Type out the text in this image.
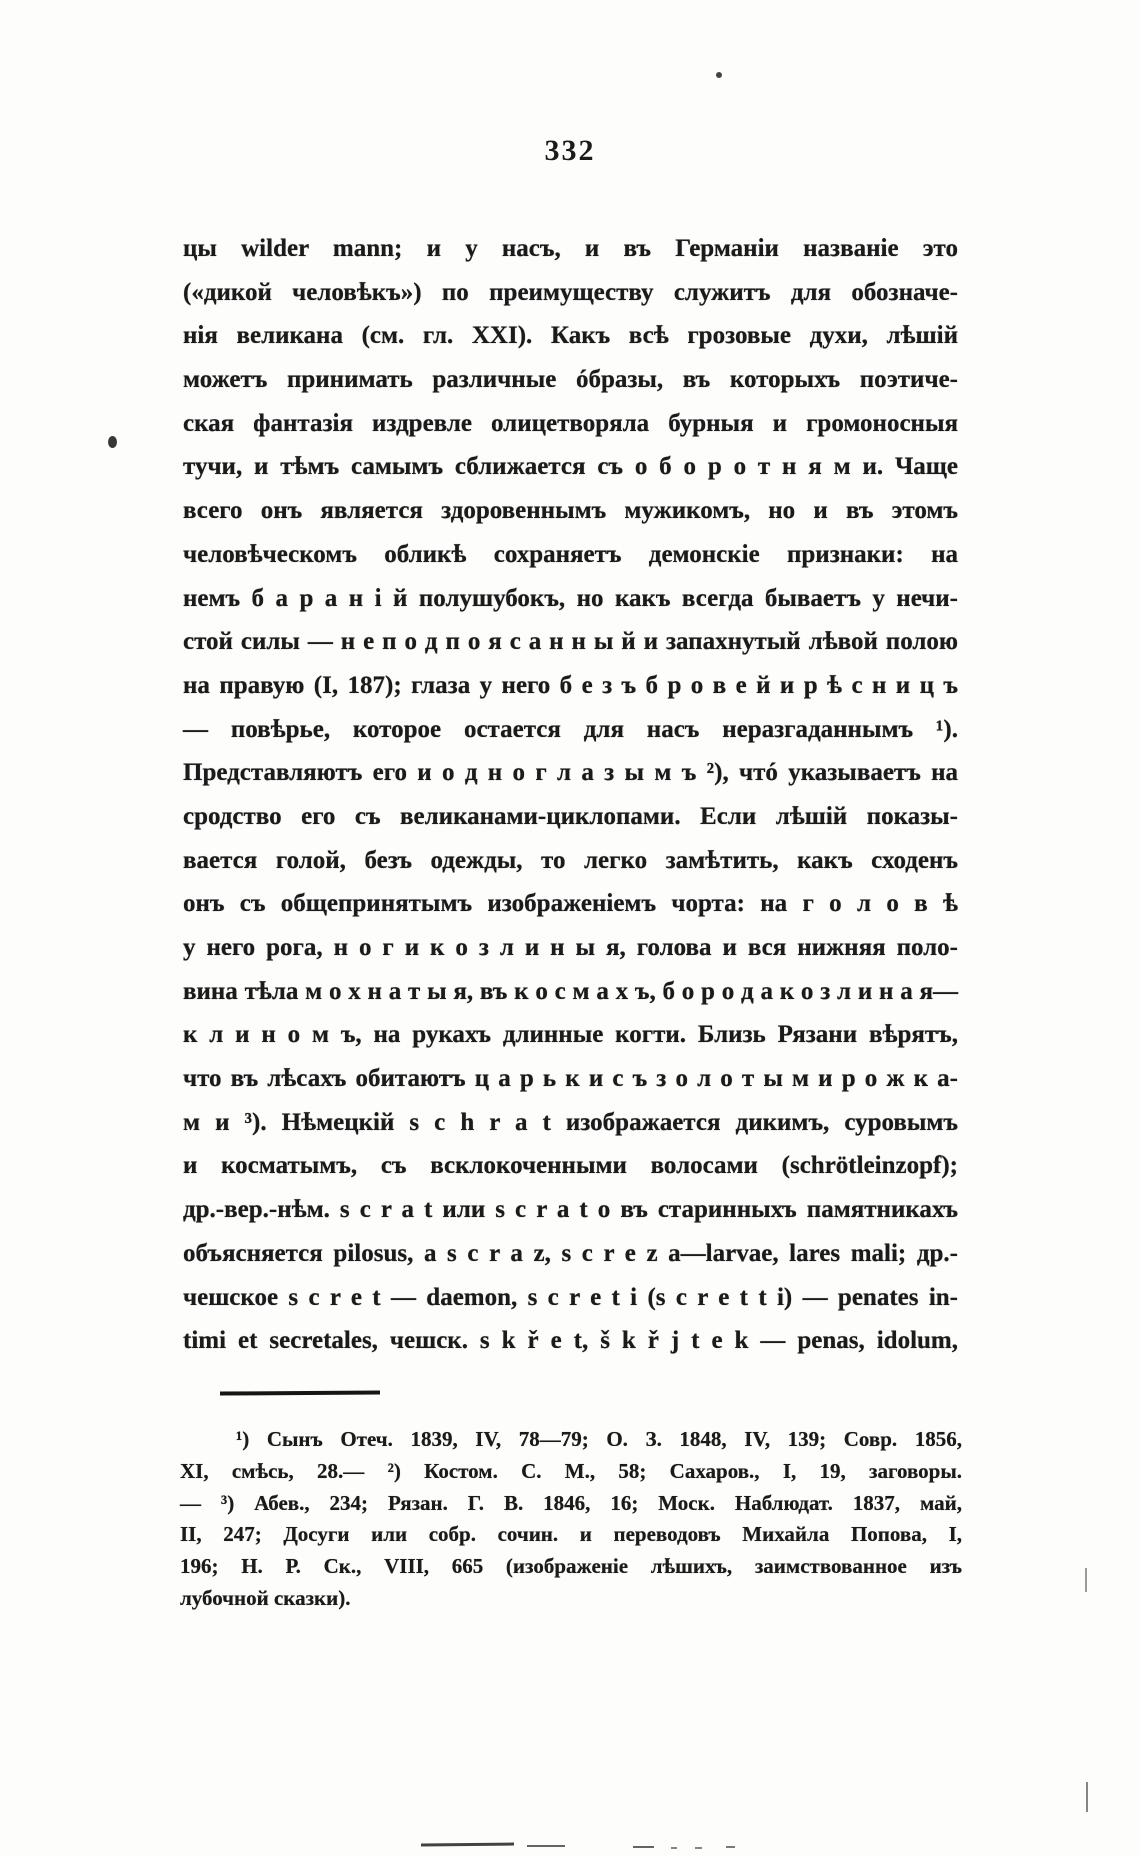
332
цы wilder mann; и у насъ, и въ Германіи названіе это
(«дикой человѣкъ») по преимуществу служитъ для обозначе-
нія великана (см. гл. XXI). Какъ всѣ грозовые духи, лѣшій
можетъ принимать различные óбразы, въ которыхъ поэтиче-
ская фантазія издревле олицетворяла бурныя и громоносныя
тучи, и тѣмъ самымъ сближается съ о б о р о т н я м и. Чаще
всего онъ является здоровеннымъ мужикомъ, но и въ этомъ
человѣческомъ обликѣ сохраняетъ демонскіе признаки: на
немъ б а р а н і й полушубокъ, но какъ всегда бываетъ у нечи-
стой силы — н е п о д п о я с а н н ы й и запахнутый лѣвой полою
на правую (I, 187); глаза у него б е з ъ б р о в е й и р ѣ с н и ц ъ
— повѣрье, которое остается для насъ неразгаданнымъ ¹).
Представляютъ его и о д н о г л а з ы м ъ ²), чтó указываетъ на
сродство его съ великанами-циклопами. Если лѣшій показы-
вается голой, безъ одежды, то легко замѣтить, какъ сходенъ
онъ съ общепринятымъ изображеніемъ чорта: на г о л о в ѣ
у него рога, н о г и к о з л и н ы я, голова и вся нижняя поло-
вина тѣла м о х н а т ы я, въ к о с м а х ъ, б о р о д а к о з л и н а я—
к л и н о м ъ, на рукахъ длинные когти. Близь Рязани вѣрятъ,
что въ лѣсахъ обитаютъ ц а р ь к и с ъ з о л о т ы м и р о ж к а-
м и ³). Нѣмецкій s c h r a t изображается дикимъ, суровымъ
и косматымъ, съ всклокоченными волосами (schrötleinzopf);
др.-вер.-нѣм. s c r a t или s c r a t o въ старинныхъ памятникахъ
объясняется pilosus, а s c r a z, s c r e z a—larvae, lares mali; др.-
чешское s c r e t — daemon, s c r e t i (s c r e t t i) — penates in-
timi et secretales, чешск. s k ř e t, š k ř j t e k — penas, idolum,
¹) Сынъ Отеч. 1839, IV, 78—79; О. З. 1848, IV, 139; Совр. 1856,
XI, смѣсь, 28.— ²) Костом. С. М., 58; Сахаров., I, 19, заговоры.
— ³) Абев., 234; Рязан. Г. В. 1846, 16; Моск. Наблюдат. 1837, май,
II, 247; Досуги или собр. сочин. и переводовъ Михайла Попова, I,
196; Н. Р. Ск., VIII, 665 (изображеніе лѣшихъ, заимствованное изъ
лубочной сказки).
